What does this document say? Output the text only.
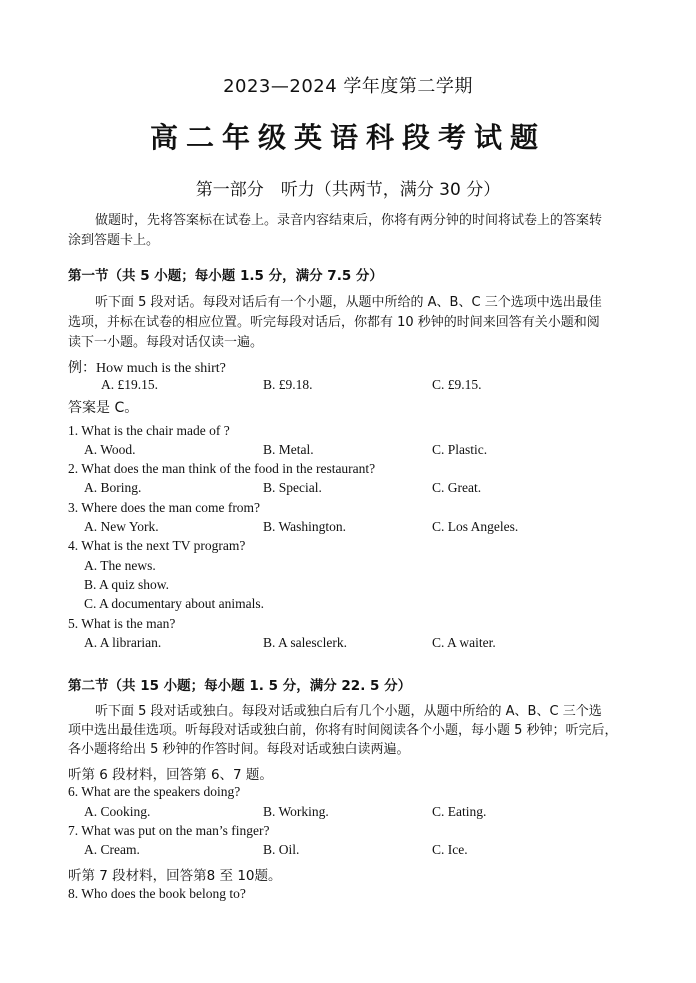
2023—2024 学年度第二学期
高二年级英语科段考试题
第一部分　听力（共两节，满分 30 分）
做题时，先将答案标在试卷上。录音内容结束后，你将有两分钟的时间将试卷上的答案转
涂到答题卡上。
第一节（共 5 小题；每小题 1.5 分，满分 7.5 分）
听下面 5 段对话。每段对话后有一个小题，从题中所给的 A、B、C 三个选项中选出最佳
选项，并标在试卷的相应位置。听完每段对话后，你都有 10 秒钟的时间来回答有关小题和阅
读下一小题。每段对话仅读一遍。
例：How much is the shirt?
A. £19.15.	B. £9.18.	C. £9.15.
答案是 C。
1. What is the chair made of ?
A. Wood.	B. Metal.	C. Plastic.
2. What does the man think of the food in the restaurant?
A. Boring.	B. Special.	C. Great.
3. Where does the man come from?
A. New York.	B. Washington.	C. Los Angeles.
4. What is the next TV program?
A. The news.
B. A quiz show.
C. A documentary about animals.
5. What is the man?
A. A librarian.	B. A salesclerk.	C. A waiter.
第二节（共 15 小题；每小题 1. 5 分，满分 22. 5 分）
听下面 5 段对话或独白。每段对话或独白后有几个小题，从题中所给的 A、B、C 三个选
项中选出最佳选项。听每段对话或独白前，你将有时间阅读各个小题，每小题 5 秒钟；听完后，
各小题将给出 5 秒钟的作答时间。每段对话或独白读两遍。
听第 6 段材料，回答第 6、7 题。
6. What are the speakers doing?
A. Cooking.	B. Working.	C. Eating.
7. What was put on the man’s finger?
A. Cream.	B. Oil.	C. Ice.
听第 7 段材料，回答第8 至 10题。
8. Who does the book belong to?
